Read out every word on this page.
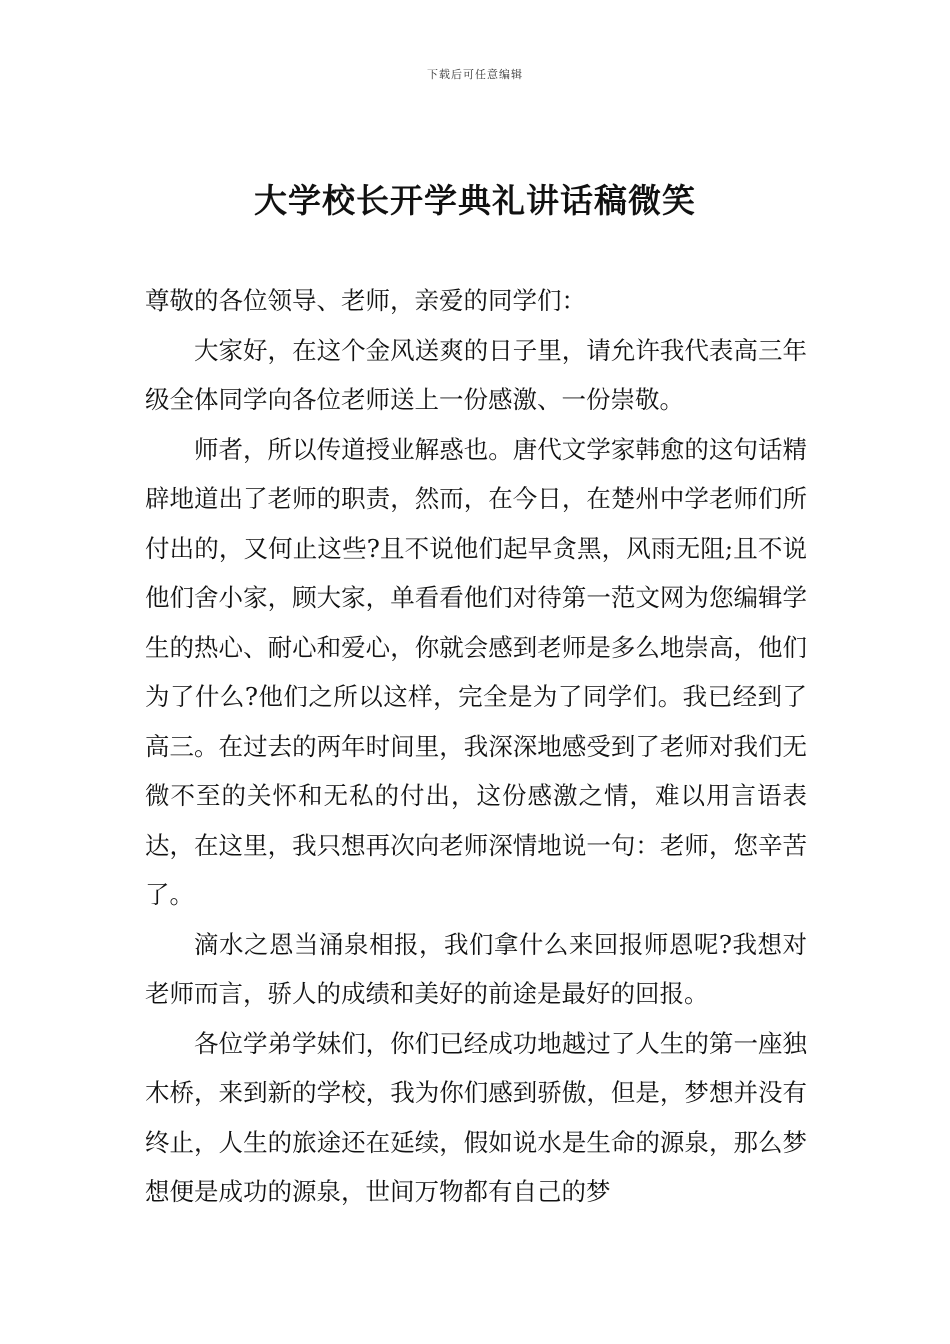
下载后可任意编辑
大学校长开学典礼讲话稿微笑

尊敬的各位领导、老师，亲爱的同学们：

大家好，在这个金风送爽的日子里，请允许我代表高三年级全体同学向各位老师送上一份感激、一份崇敬。

师者，所以传道授业解惑也。唐代文学家韩愈的这句话精辟地道出了老师的职责，然而，在今日，在楚州中学老师们所付出的，又何止这些?且不说他们起早贪黑，风雨无阻;且不说他们舍小家，顾大家，单看看他们对待第一范文网为您编辑学生的热心、耐心和爱心，你就会感到老师是多么地崇高，他们为了什么?他们之所以这样，完全是为了同学们。我已经到了高三。在过去的两年时间里，我深深地感受到了老师对我们无微不至的关怀和无私的付出，这份感激之情，难以用言语表达，在这里，我只想再次向老师深情地说一句：老师，您辛苦了。

滴水之恩当涌泉相报，我们拿什么来回报师恩呢?我想对老师而言，骄人的成绩和美好的前途是最好的回报。

各位学弟学妹们，你们已经成功地越过了人生的第一座独木桥，来到新的学校，我为你们感到骄傲，但是，梦想并没有终止，人生的旅途还在延续，假如说水是生命的源泉，那么梦想便是成功的源泉，世间万物都有自己的梦
